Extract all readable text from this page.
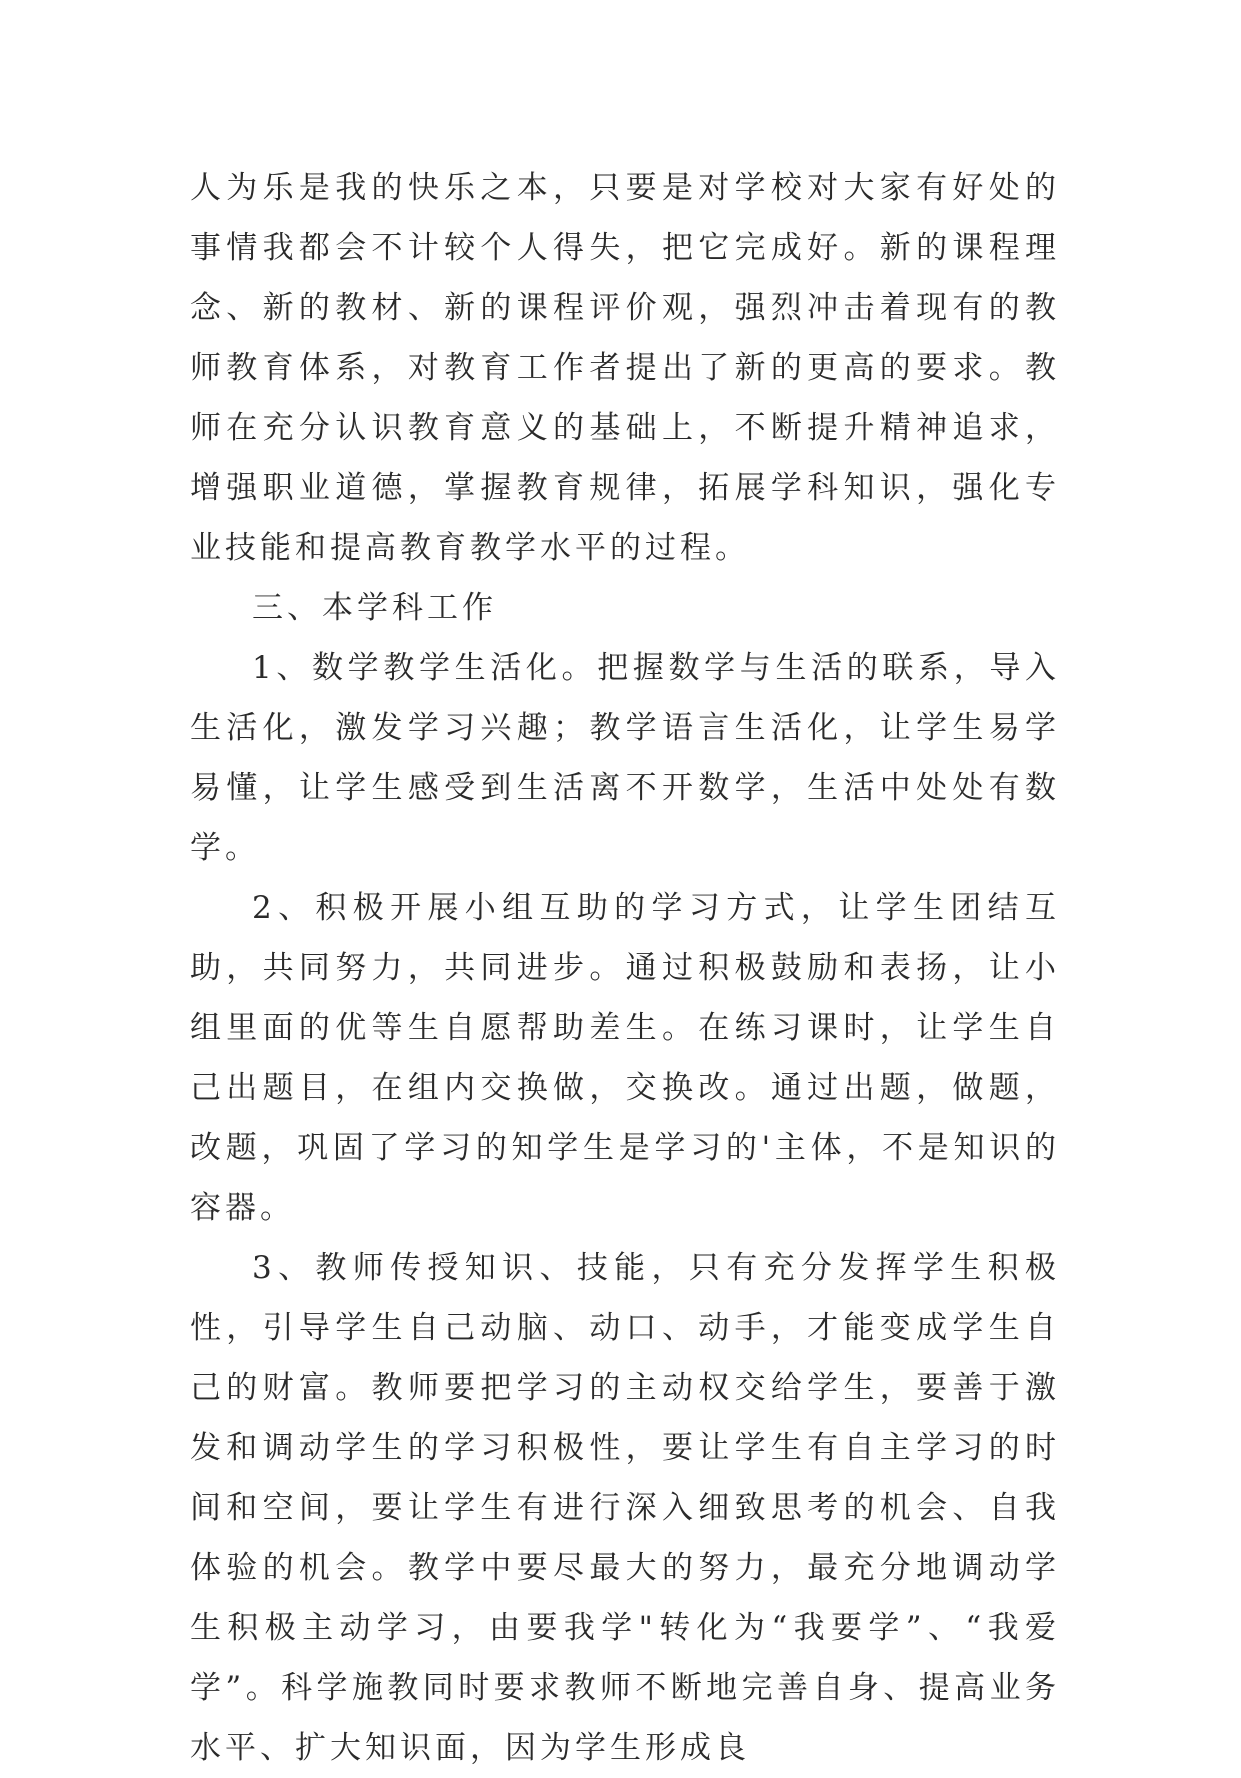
人为乐是我的快乐之本，只要是对学校对大家有好处的事情我都会不计较个人得失，把它完成好。新的课程理念、新的教材、新的课程评价观，强烈冲击着现有的教师教育体系，对教育工作者提出了新的更高的要求。教师在充分认识教育意义的基础上，不断提升精神追求，增强职业道德，掌握教育规律，拓展学科知识，强化专业技能和提高教育教学水平的过程。

三、本学科工作

1、数学教学生活化。把握数学与生活的联系，导入生活化，激发学习兴趣；教学语言生活化，让学生易学易懂，让学生感受到生活离不开数学，生活中处处有数学。

2、积极开展小组互助的学习方式，让学生团结互助，共同努力，共同进步。通过积极鼓励和表扬，让小组里面的优等生自愿帮助差生。在练习课时，让学生自己出题目，在组内交换做，交换改。通过出题，做题，改题，巩固了学习的知学生是学习的'主体，不是知识的容器。

3、教师传授知识、技能，只有充分发挥学生积极性，引导学生自己动脑、动口、动手，才能变成学生自己的财富。教师要把学习的主动权交给学生，要善于激发和调动学生的学习积极性，要让学生有自主学习的时间和空间，要让学生有进行深入细致思考的机会、自我体验的机会。教学中要尽最大的努力，最充分地调动学生积极主动学习，由要我学"转化为“我要学”、“我爱学”。科学施教同时要求教师不断地完善自身、提高业务水平、扩大知识面，因为学生形成良
